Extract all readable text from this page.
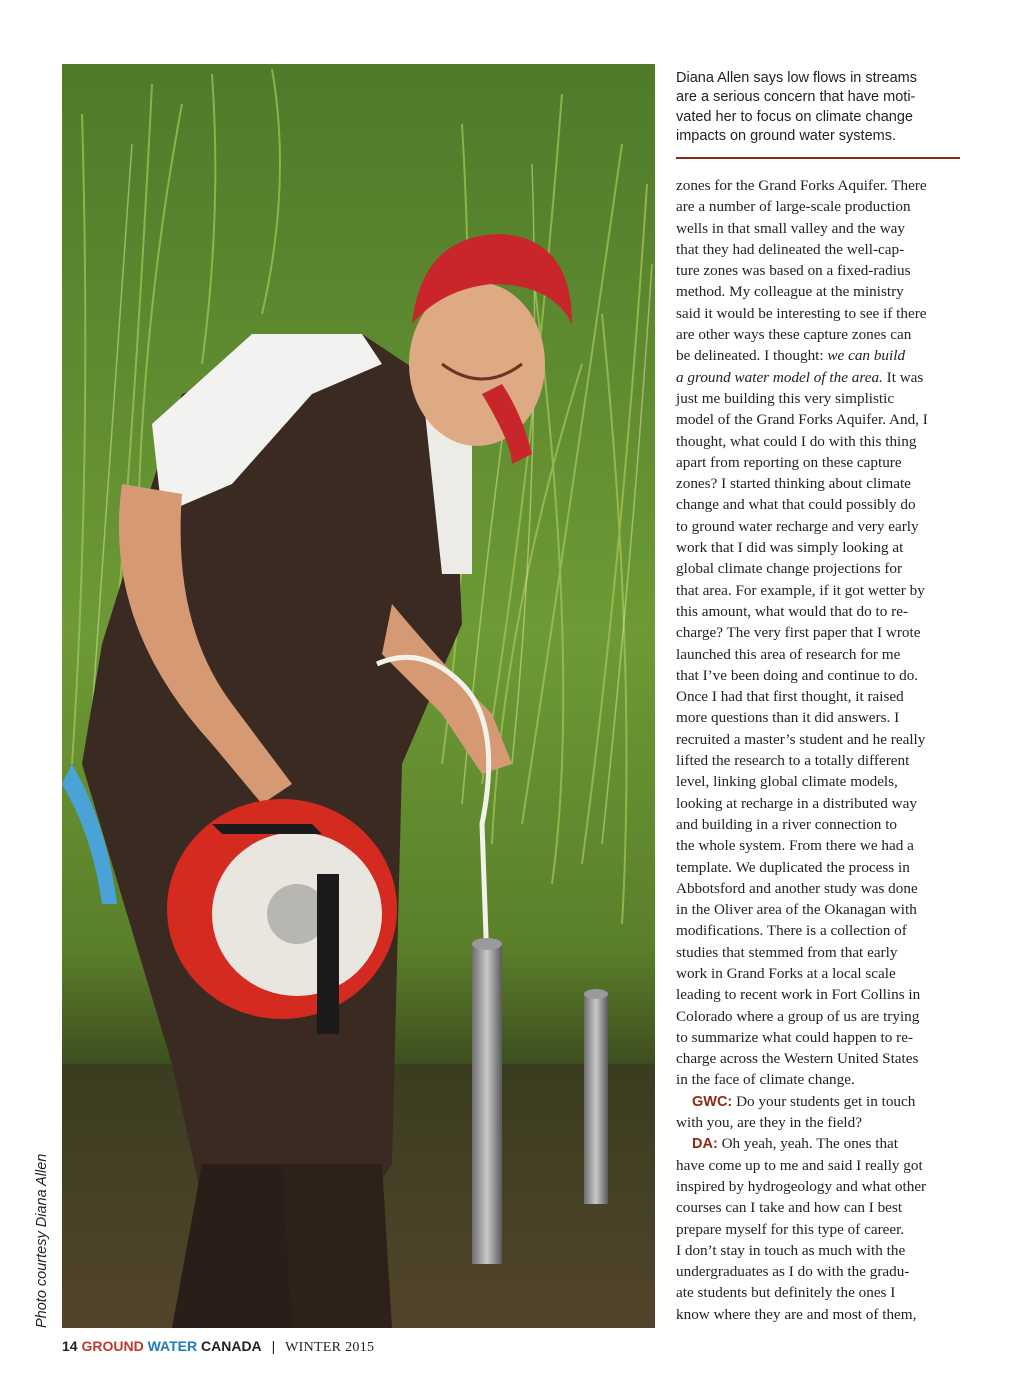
Photo courtesy Diana Allen
Diana Allen says low flows in streams
are a serious concern that have moti-
vated her to focus on climate change
impacts on ground water systems.
zones for the Grand Forks Aquifer. There
are a number of large-scale production
wells in that small valley and the way
that they had delineated the well-cap-
ture zones was based on a fixed-radius
method. My colleague at the ministry
said it would be interesting to see if there
are other ways these capture zones can
be delineated. I thought: we can build
a ground water model of the area. It was
just me building this very simplistic
model of the Grand Forks Aquifer. And, I
thought, what could I do with this thing
apart from reporting on these capture
zones? I started thinking about climate
change and what that could possibly do
to ground water recharge and very early
work that I did was simply looking at
global climate change projections for
that area. For example, if it got wetter by
this amount, what would that do to re-
charge? The very first paper that I wrote
launched this area of research for me
that I’ve been doing and continue to do.
Once I had that first thought, it raised
more questions than it did answers. I
recruited a master’s student and he really
lifted the research to a totally different
level, linking global climate models,
looking at recharge in a distributed way
and building in a river connection to
the whole system. From there we had a
template. We duplicated the process in
Abbotsford and another study was done
in the Oliver area of the Okanagan with
modifications. There is a collection of
studies that stemmed from that early
work in Grand Forks at a local scale
leading to recent work in Fort Collins in
Colorado where a group of us are trying
to summarize what could happen to re-
charge across the Western United States
in the face of climate change.
GWC: Do your students get in touch
with you, are they in the field?
DA: Oh yeah, yeah. The ones that
have come up to me and said I really got
inspired by hydrogeology and what other
courses can I take and how can I best
prepare myself for this type of career.
I don’t stay in touch as much with the
undergraduates as I do with the gradu-
ate students but definitely the ones I
know where they are and most of them,
14 GROUND WATER CANADA | WINTER 2015
